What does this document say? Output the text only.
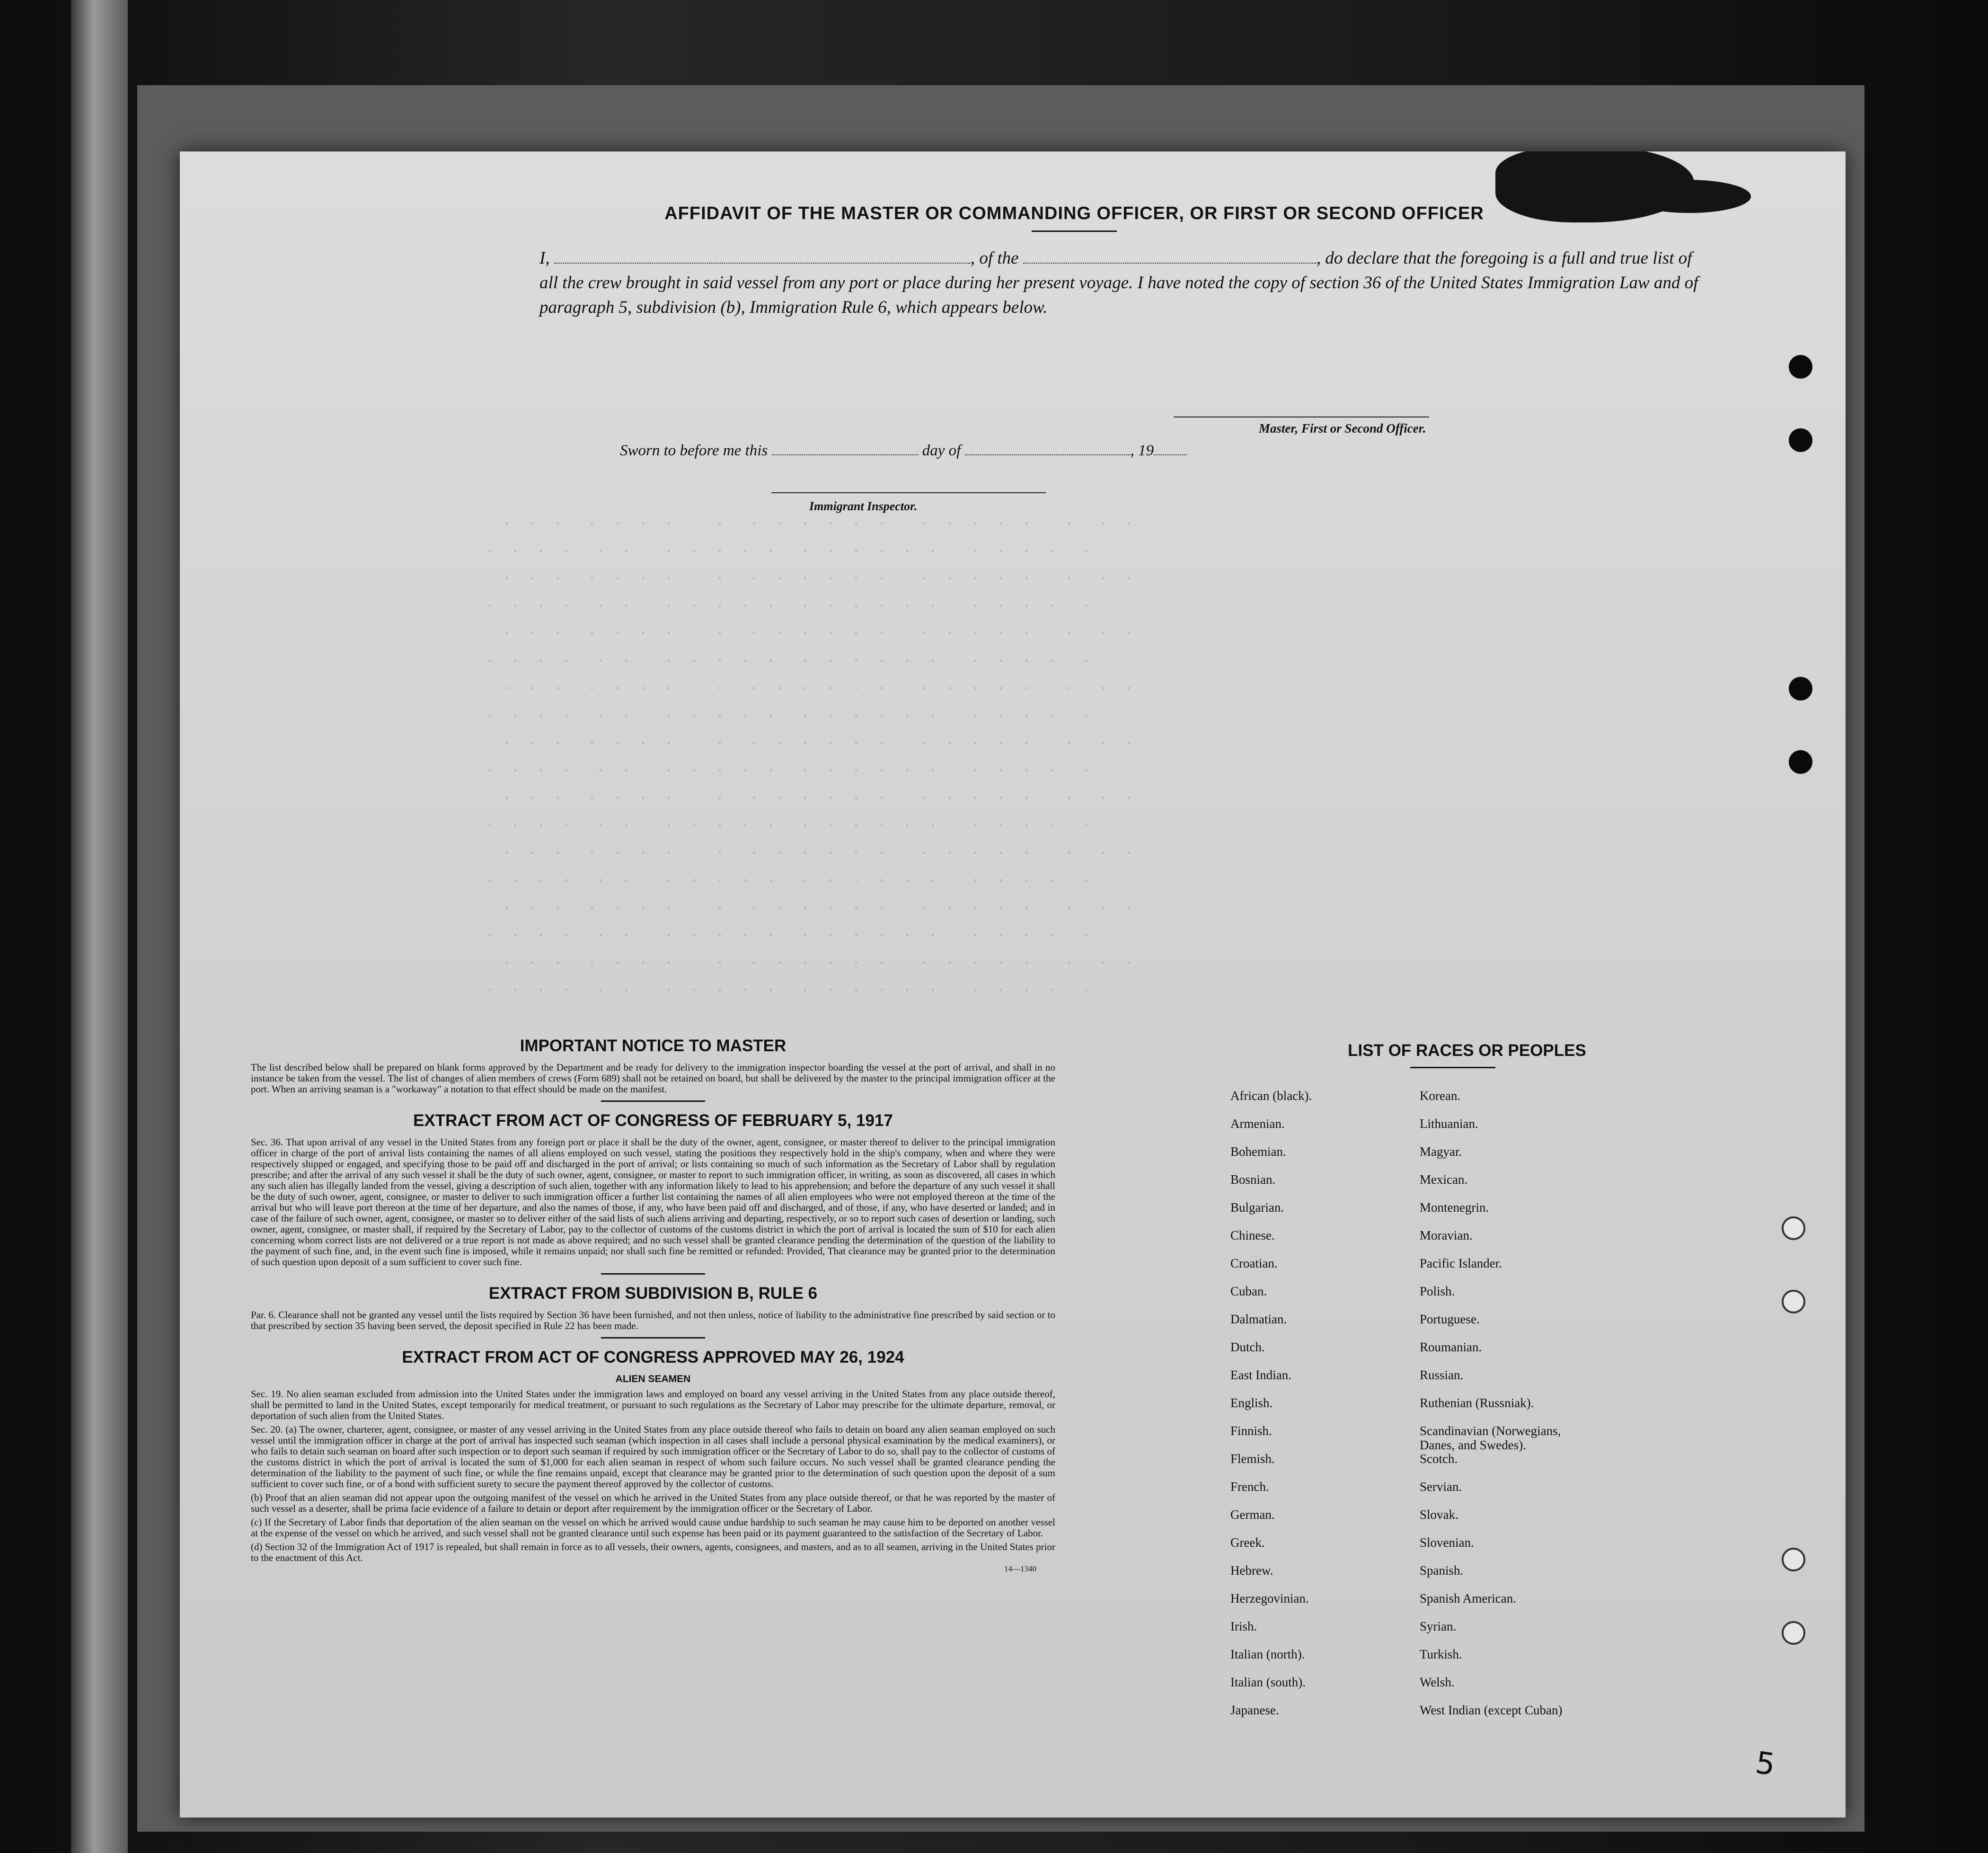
·  ·  ·   ·  ·  ·  ·     ·   ·  ·  ·  ·  ·  ·    ·  ·  ·  ·  ·    ·   ·  ·
·  ·  ·  ·   ·  ·    ·  ·  ·  ·  ·   ·  ·  ·  ·  ·  ·    ·  ·  ·  ·   ·
·  ·  ·   ·  ·  ·  ·     ·   ·  ·  ·  ·  ·  ·    ·  ·  ·  ·  ·    ·   ·  ·
·  ·  ·  ·   ·  ·    ·  ·  ·  ·  ·   ·  ·  ·  ·  ·  ·    ·  ·  ·  ·   ·
·  ·  ·   ·  ·  ·  ·     ·   ·  ·  ·  ·  ·  ·    ·  ·  ·  ·  ·    ·   ·  ·
·  ·  ·  ·   ·  ·    ·  ·  ·  ·  ·   ·  ·  ·  ·  ·  ·    ·  ·  ·  ·   ·
·  ·  ·   ·  ·  ·  ·     ·   ·  ·  ·  ·  ·  ·    ·  ·  ·  ·  ·    ·   ·  ·
·  ·  ·  ·   ·  ·    ·  ·  ·  ·  ·   ·  ·  ·  ·  ·  ·    ·  ·  ·  ·   ·
·  ·  ·   ·  ·  ·  ·     ·   ·  ·  ·  ·  ·  ·    ·  ·  ·  ·  ·    ·   ·  ·
·  ·  ·  ·   ·  ·    ·  ·  ·  ·  ·   ·  ·  ·  ·  ·  ·    ·  ·  ·  ·   ·
·  ·  ·   ·  ·  ·  ·     ·   ·  ·  ·  ·  ·  ·    ·  ·  ·  ·  ·    ·   ·  ·
·  ·  ·  ·   ·  ·    ·  ·  ·  ·  ·   ·  ·  ·  ·  ·  ·    ·  ·  ·  ·   ·
·  ·  ·   ·  ·  ·  ·     ·   ·  ·  ·  ·  ·  ·    ·  ·  ·  ·  ·    ·   ·  ·
·  ·  ·  ·   ·  ·    ·  ·  ·  ·  ·   ·  ·  ·  ·  ·  ·    ·  ·  ·  ·   ·
·  ·  ·   ·  ·  ·  ·     ·   ·  ·  ·  ·  ·  ·    ·  ·  ·  ·  ·    ·   ·  ·
·  ·  ·  ·   ·  ·    ·  ·  ·  ·  ·   ·  ·  ·  ·  ·  ·    ·  ·  ·  ·   ·
·  ·  ·   ·  ·  ·  ·     ·   ·  ·  ·  ·  ·  ·    ·  ·  ·  ·  ·    ·   ·  ·
·  ·  ·  ·   ·  ·    ·  ·  ·  ·  ·   ·  ·  ·  ·  ·  ·    ·  ·  ·  ·   ·

AFFIDAVIT OF THE MASTER OR COMMANDING OFFICER, OR FIRST OR SECOND OFFICER

I,	, of the	, do declare that the foregoing is a full and true list of all the crew brought in said vessel from any port or place during her present voyage. I have noted the copy of section 36 of the United States Immigration Law and of paragraph 5, subdivision (b), Immigration Rule 6, which appears below.

Master, First or Second Officer.
Sworn to before me this	day of	, 19
Immigrant Inspector.
IMPORTANT NOTICE TO MASTER

The list described below shall be prepared on blank forms approved by the Department and be ready for delivery to the immigration inspector boarding the vessel at the port of arrival, and shall in no instance be taken from the vessel. The list of changes of alien members of crews (Form 689) shall not be retained on board, but shall be delivered by the master to the principal immigration officer at the port. When an arriving seaman is a "workaway" a notation to that effect should be made on the manifest.

EXTRACT FROM ACT OF CONGRESS OF FEBRUARY 5, 1917

Sec. 36. That upon arrival of any vessel in the United States from any foreign port or place it shall be the duty of the owner, agent, consignee, or master thereof to deliver to the principal immigration officer in charge of the port of arrival lists containing the names of all aliens employed on such vessel, stating the positions they respectively hold in the ship's company, when and where they were respectively shipped or engaged, and specifying those to be paid off and discharged in the port of arrival; or lists containing so much of such information as the Secretary of Labor shall by regulation prescribe; and after the arrival of any such vessel it shall be the duty of such owner, agent, consignee, or master to report to such immigration officer, in writing, as soon as discovered, all cases in which any such alien has illegally landed from the vessel, giving a description of such alien, together with any information likely to lead to his apprehension; and before the departure of any such vessel it shall be the duty of such owner, agent, consignee, or master to deliver to such immigration officer a further list containing the names of all alien employees who were not employed thereon at the time of the arrival but who will leave port thereon at the time of her departure, and also the names of those, if any, who have been paid off and discharged, and of those, if any, who have deserted or landed; and in case of the failure of such owner, agent, consignee, or master so to deliver either of the said lists of such aliens arriving and departing, respectively, or so to report such cases of desertion or landing, such owner, agent, consignee, or master shall, if required by the Secretary of Labor, pay to the collector of customs of the customs district in which the port of arrival is located the sum of $10 for each alien concerning whom correct lists are not delivered or a true report is not made as above required; and no such vessel shall be granted clearance pending the determination of the question of the liability to the payment of such fine, and, in the event such fine is imposed, while it remains unpaid; nor shall such fine be remitted or refunded: Provided, That clearance may be granted prior to the determination of such question upon deposit of a sum sufficient to cover such fine.

EXTRACT FROM SUBDIVISION B, RULE 6

Par. 6. Clearance shall not be granted any vessel until the lists required by Section 36 have been furnished, and not then unless, notice of liability to the administrative fine prescribed by said section or to that prescribed by section 35 having been served, the deposit specified in Rule 22 has been made.

EXTRACT FROM ACT OF CONGRESS APPROVED MAY 26, 1924

ALIEN SEAMEN

Sec. 19. No alien seaman excluded from admission into the United States under the immigration laws and employed on board any vessel arriving in the United States from any place outside thereof, shall be permitted to land in the United States, except temporarily for medical treatment, or pursuant to such regulations as the Secretary of Labor may prescribe for the ultimate departure, removal, or deportation of such alien from the United States.

Sec. 20. (a) The owner, charterer, agent, consignee, or master of any vessel arriving in the United States from any place outside thereof who fails to detain on board any alien seaman employed on such vessel until the immigration officer in charge at the port of arrival has inspected such seaman (which inspection in all cases shall include a personal physical examination by the medical examiners), or who fails to detain such seaman on board after such inspection or to deport such seaman if required by such immigration officer or the Secretary of Labor to do so, shall pay to the collector of customs of the customs district in which the port of arrival is located the sum of $1,000 for each alien seaman in respect of whom such failure occurs. No such vessel shall be granted clearance pending the determination of the liability to the payment of such fine, or while the fine remains unpaid, except that clearance may be granted prior to the determination of such question upon the deposit of a sum sufficient to cover such fine, or of a bond with sufficient surety to secure the payment thereof approved by the collector of customs.

(b) Proof that an alien seaman did not appear upon the outgoing manifest of the vessel on which he arrived in the United States from any place outside thereof, or that he was reported by the master of such vessel as a deserter, shall be prima facie evidence of a failure to detain or deport after requirement by the immigration officer or the Secretary of Labor.

(c) If the Secretary of Labor finds that deportation of the alien seaman on the vessel on which he arrived would cause undue hardship to such seaman he may cause him to be deported on another vessel at the expense of the vessel on which he arrived, and such vessel shall not be granted clearance until such expense has been paid or its payment guaranteed to the satisfaction of the Secretary of Labor.

(d) Section 32 of the Immigration Act of 1917 is repealed, but shall remain in force as to all vessels, their owners, agents, consignees, and masters, and as to all seamen, arriving in the United States prior to the enactment of this Act.

14—1340
LIST OF RACES OR PEOPLES
African (black).
Armenian.
Bohemian.
Bosnian.
Bulgarian.
Chinese.
Croatian.
Cuban.
Dalmatian.
Dutch.
East Indian.
English.
Finnish.
Flemish.
French.
German.
Greek.
Hebrew.
Herzegovinian.
Irish.
Italian (north).
Italian (south).
Japanese.
Korean.
Lithuanian.
Magyar.
Mexican.
Montenegrin.
Moravian.
Pacific Islander.
Polish.
Portuguese.
Roumanian.
Russian.
Ruthenian (Russniak).
Scandinavian (Norwegians,
Danes, and Swedes).
Scotch.
Servian.
Slovak.
Slovenian.
Spanish.
Spanish American.
Syrian.
Turkish.
Welsh.
West Indian (except Cuban)
5
